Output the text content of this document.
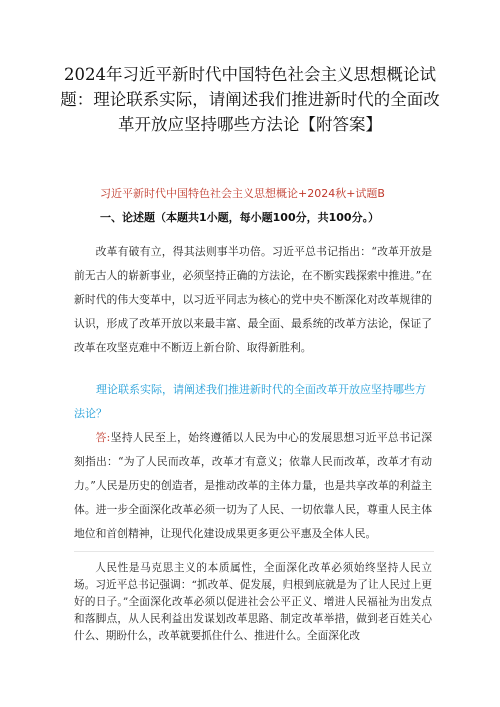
2024年习近平新时代中国特色社会主义思想概论试题：理论联系实际，请阐述我们推进新时代的全面改革开放应坚持哪些方法论【附答案】
习近平新时代中国特色社会主义思想概论+2024秋+试题B
一、论述题（本题共1小题，每小题100分，共100分。）

改革有破有立，得其法则事半功倍。习近平总书记指出：“改革开放是前无古人的崭新事业，必须坚持正确的方法论，在不断实践探索中推进。”在新时代的伟大变革中，以习近平同志为核心的党中央不断深化对改革规律的认识，形成了改革开放以来最丰富、最全面、最系统的改革方法论，保证了改革在攻坚克难中不断迈上新台阶、取得新胜利。

理论联系实际，请阐述我们推进新时代的全面改革开放应坚持哪些方法论？

答:坚持人民至上，始终遵循以人民为中心的发展思想习近平总书记深刻指出：“为了人民而改革，改革才有意义；依靠人民而改革，改革才有动力。”人民是历史的创造者，是推动改革的主体力量，也是共享改革的利益主体。进一步全面深化改革必须一切为了人民、一切依靠人民，尊重人民主体地位和首创精神，让现代化建设成果更多更公平惠及全体人民。

人民性是马克思主义的本质属性，全面深化改革必须始终坚持人民立场。习近平总书记强调：“抓改革、促发展，归根到底就是为了让人民过上更好的日子。”全面深化改革必须以促进社会公平正义、增进人民福祉为出发点和落脚点，从人民利益出发谋划改革思路、制定改革举措，做到老百姓关心什么、期盼什么，改革就要抓住什么、推进什么。全面深化改
